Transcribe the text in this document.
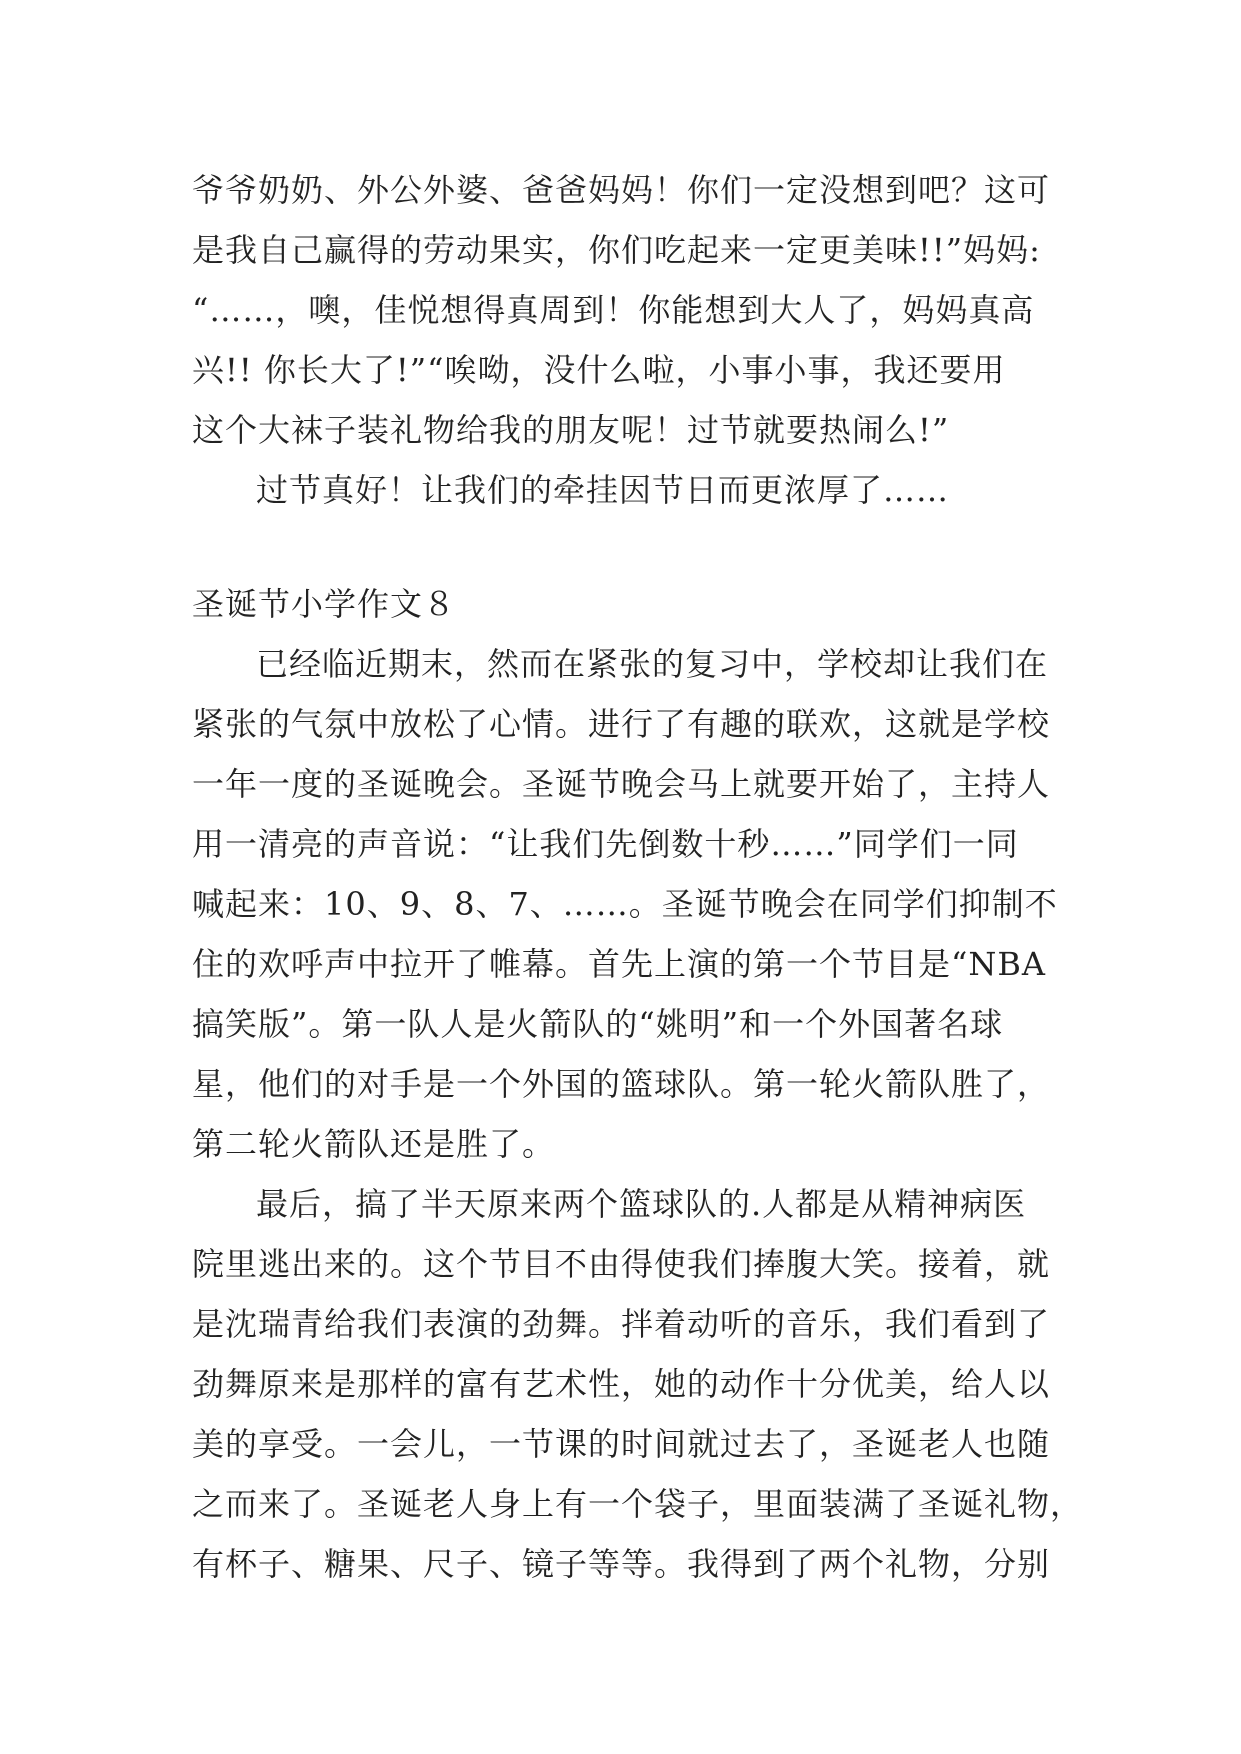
爷爷奶奶、外公外婆、爸爸妈妈！你们一定没想到吧？这可
是我自己赢得的劳动果实，你们吃起来一定更美味!!”妈妈:
“……，噢，佳悦想得真周到！你能想到大人了，妈妈真高
兴!! 你长大了!”“唉呦，没什么啦，小事小事，我还要用
这个大袜子装礼物给我的朋友呢！过节就要热闹么!”
过节真好！让我们的牵挂因节日而更浓厚了……
圣诞节小学作文８
已经临近期末，然而在紧张的复习中，学校却让我们在
紧张的气氛中放松了心情。进行了有趣的联欢，这就是学校
一年一度的圣诞晚会。圣诞节晚会马上就要开始了，主持人
用一清亮的声音说：“让我们先倒数十秒……”同学们一同
喊起来：10、9、8、7、……。圣诞节晚会在同学们抑制不
住的欢呼声中拉开了帷幕。首先上演的第一个节目是“NBA
搞笑版”。第一队人是火箭队的“姚明”和一个外国著名球
星，他们的对手是一个外国的篮球队。第一轮火箭队胜了，
第二轮火箭队还是胜了。
最后，搞了半天原来两个篮球队的.人都是从精神病医
院里逃出来的。这个节目不由得使我们捧腹大笑。接着，就
是沈瑞青给我们表演的劲舞。拌着动听的音乐，我们看到了
劲舞原来是那样的富有艺术性，她的动作十分优美，给人以
美的享受。一会儿，一节课的时间就过去了，圣诞老人也随
之而来了。圣诞老人身上有一个袋子，里面装满了圣诞礼物，
有杯子、糖果、尺子、镜子等等。我得到了两个礼物，分别
